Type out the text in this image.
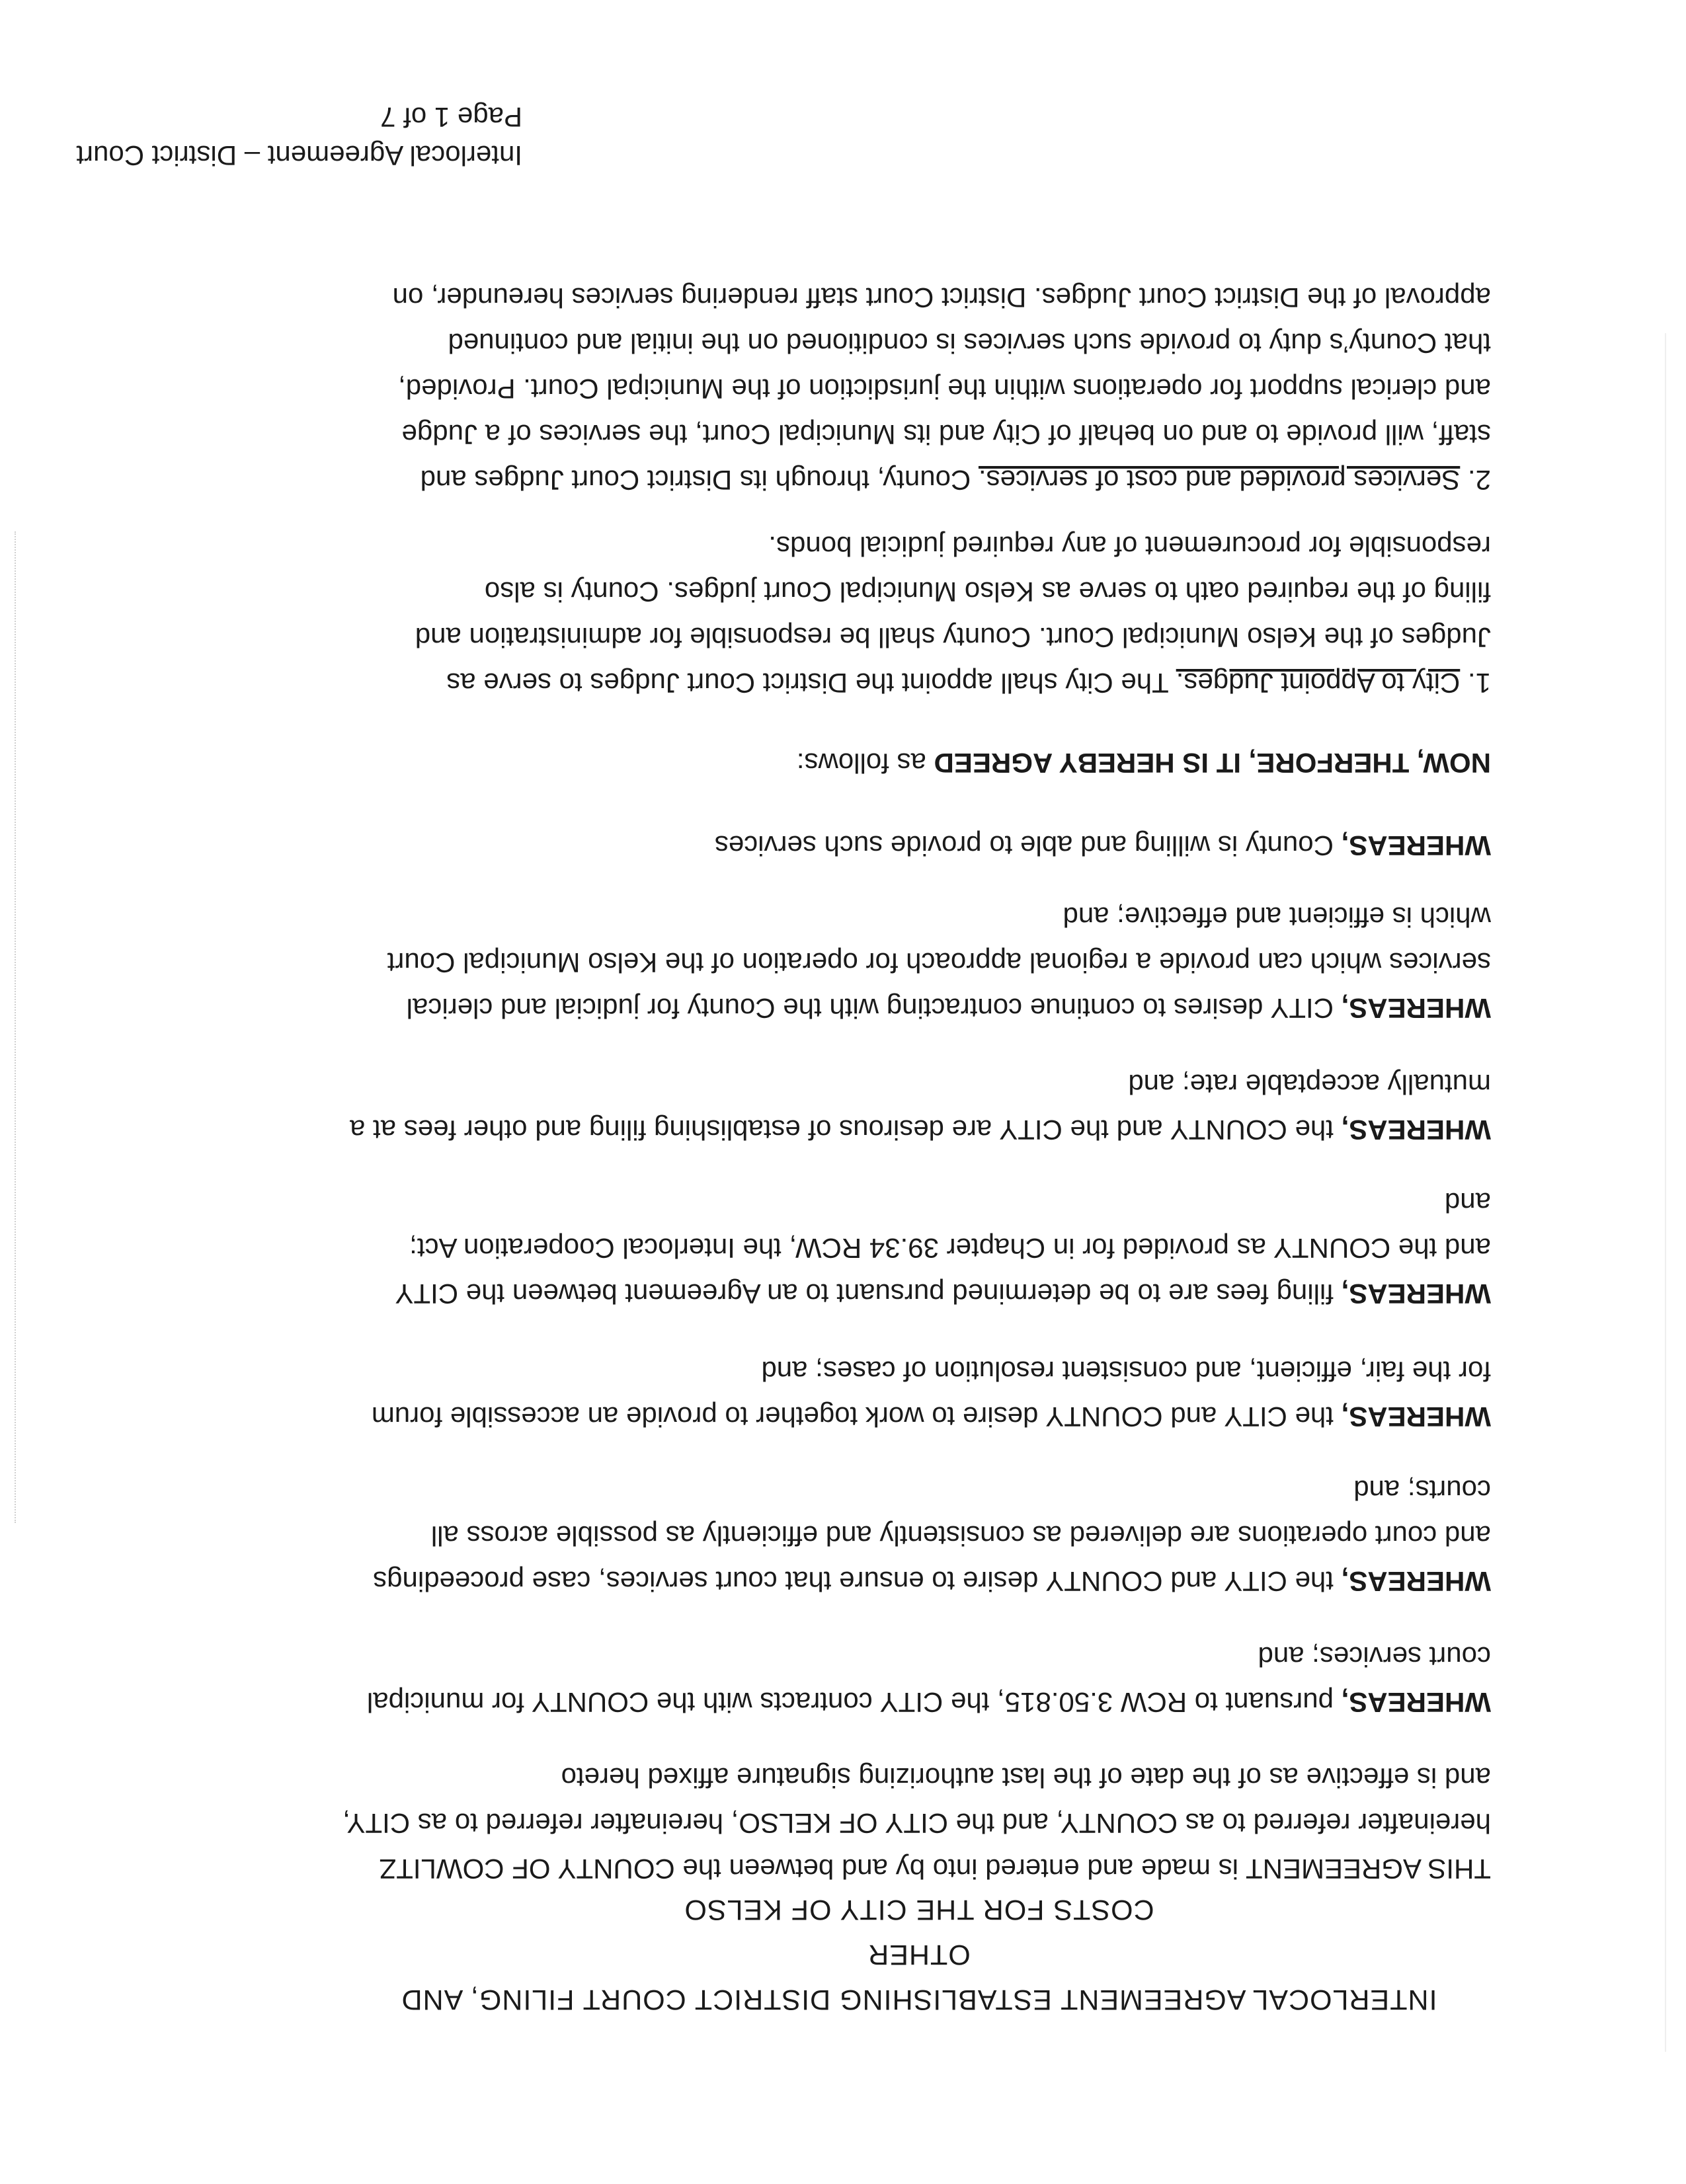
INTERLOCAL AGREEMENT ESTABLISHING DISTRICT COURT FILING, AND OTHER
COSTS FOR THE CITY OF KELSO
THIS AGREEMENT is made and entered into by and between the COUNTY OF COWLITZ
hereinafter referred to as COUNTY, and the CITY OF KELSO, hereinafter referred to as CITY,
and is effective as of the date of the last authorizing signature affixed hereto
WHEREAS, pursuant to RCW 3.50.815, the CITY contracts with the COUNTY for municipal
court services; and
WHEREAS, the CITY and COUNTY desire to ensure that court services, case proceedings
and court operations are delivered as consistently and efficiently as possible across all
courts; and
WHEREAS, the CITY and COUNTY desire to work together to provide an accessible forum
for the fair, efficient, and consistent resolution of cases; and
WHEREAS, filing fees are to be determined pursuant to an Agreement between the CITY
and the COUNTY as provided for in Chapter 39.34 RCW, the Interlocal Cooperation Act;
and
WHEREAS, the COUNTY and the CITY are desirous of establishing filing and other fees at a
mutually acceptable rate; and
WHEREAS, CITY desires to continue contracting with the County for judicial and clerical
services which can provide a regional approach for operation of the Kelso Municipal Court
which is efficient and effective; and
WHEREAS, County is willing and able to provide such services
NOW, THERFORE, IT IS HEREBY AGREED as follows:
1. City to Appoint Judges. The City shall appoint the District Court Judges to serve as
Judges of the Kelso Municipal Court. County shall be responsible for administration and
filing of the required oath to serve as Kelso Municipal Court judges. County is also
responsible for procurement of any required judicial bonds.
2. Services provided and cost of services. County, through its District Court Judges and
staff, will provide to and on behalf of City and its Municipal Court, the services of a Judge
and clerical support for operations within the jurisdiction of the Municipal Court. Provided,
that County’s duty to provide such services is conditioned on the initial and continued
approval of the District Court Judges. District Court staff rendering services hereunder, on
Interlocal Agreement – District Court
Page 1 of 7
